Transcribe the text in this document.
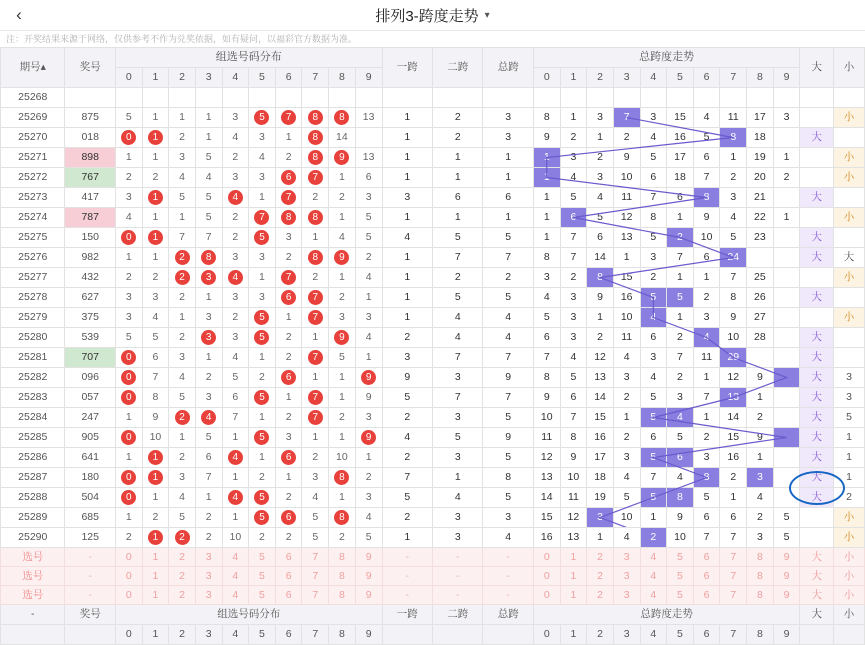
‹	排列3-跨度走势 ▾
注：开奖结果来源于网络，仅供参考不作为兑奖依据，如有疑问，以福彩官方数据为准。
期号▴	奖号	组选号码分布										一跨	二跨	总跨	总跨度走势										大	小
		0	1	2	3	4	5	6	7	8	9				0	1	2	3	4	5	6	7	8	9		
25268																										
25269	875	5	1	1	1	3	5	7	8	8	13	1	2	3	8	1	3	7	3	15	4	11	17	3		小
25270	018	0	1	2	1	4	3	1	8	14		1	2	3	9	2	1	2	4	16	5	8	18		大	
25271	898	1	1	3	5	2	4	2	8	9	13	1	1	1	1	3	2	9	5	17	6	1	19	1		小
25272	767	2	2	4	4	3	3	6	7	1	6	1	1	1	1	4	3	10	6	18	7	2	20	2		小
25273	417	3	1	5	5	4	1	7	2	2	3	3	6	6	1	5	4	11	7	6	8	3	21		大	
25274	787	4	1	1	5	2	7	8	8	1	5	1	1	1	1	6	5	12	8	1	9	4	22	1		小
25275	150	0	1	7	7	2	5	3	1	4	5	4	5	5	1	7	6	13	5	2	10	5	23		大	
25276	982	1	1	2	8	3	3	2	8	9	2	1	7	7	8	7	14	1	3	7	6	24			大	大
25277	432	2	2	2	3	4	1	7	2	1	4	1	2	2	3	2	8	15	2	1	1	7	25			小
25278	627	3	3	2	1	3	3	6	7	2	1	1	5	5	4	3	9	16	5	5	2	8	26		大	
25279	375	3	4	1	3	2	5	1	7	3	3	1	4	4	5	3	1	10	4	1	3	9	27			小
25280	539	5	5	2	3	3	5	2	1	9	4	2	4	4	6	3	2	11	6	2	4	10	28		大	
25281	707	0	6	3	1	4	1	2	7	5	1	3	7	7	7	4	12	4	3	7	11	29			大	
25282	096	0	7	4	2	5	2	6	1	1	9	9	3	9	8	5	13	3	4	2	1	12	9		大	3
25283	057	0	8	5	3	6	5	1	7	1	9	5	7	7	9	6	14	2	5	3	7	13	1		大	3
25284	247	1	9	2	4	7	1	2	7	2	3	2	3	5	10	7	15	1	5	4	1	14	2		大	5
25285	905	0	10	1	5	1	5	3	1	1	9	4	5	9	11	8	16	2	6	5	2	15	9		大	1
25286	641	1	1	2	6	4	1	6	2	10	1	2	3	5	12	9	17	3	5	6	3	16	1		大	1
25287	180	0	1	3	7	1	2	1	3	8	2	7	1	8	13	10	18	4	7	4	8	2	3		大	1
25288	504	0	1	4	1	4	5	2	4	1	3	5	4	5	14	11	19	5	5	8	5	1	4		大	2
25289	685	1	2	5	2	1	5	6	5	8	4	2	3	3	15	12	3	10	1	9	6	6	2	5		小
25290	125	2	1	2	2	10	2	2	5	2	5	1	3	4	16	13	1	4	2	10	7	7	3	5		小
选号	-	0	1	2	3	4	5	6	7	8	9	-	-	-	0	1	2	3	4	5	6	7	8	9	大	小
选号	-	0	1	2	3	4	5	6	7	8	9	-	-	-	0	1	2	3	4	5	6	7	8	9	大	小
选号	-	0	1	2	3	4	5	6	7	8	9	-	-	-	0	1	2	3	4	5	6	7	8	9	大	小
-	奖号	组选号码分布										一跨	二跨	总跨	总跨度走势										大	小
		0	1	2	3	4	5	6	7	8	9				0	1	2	3	4	5	6	7	8	9		
